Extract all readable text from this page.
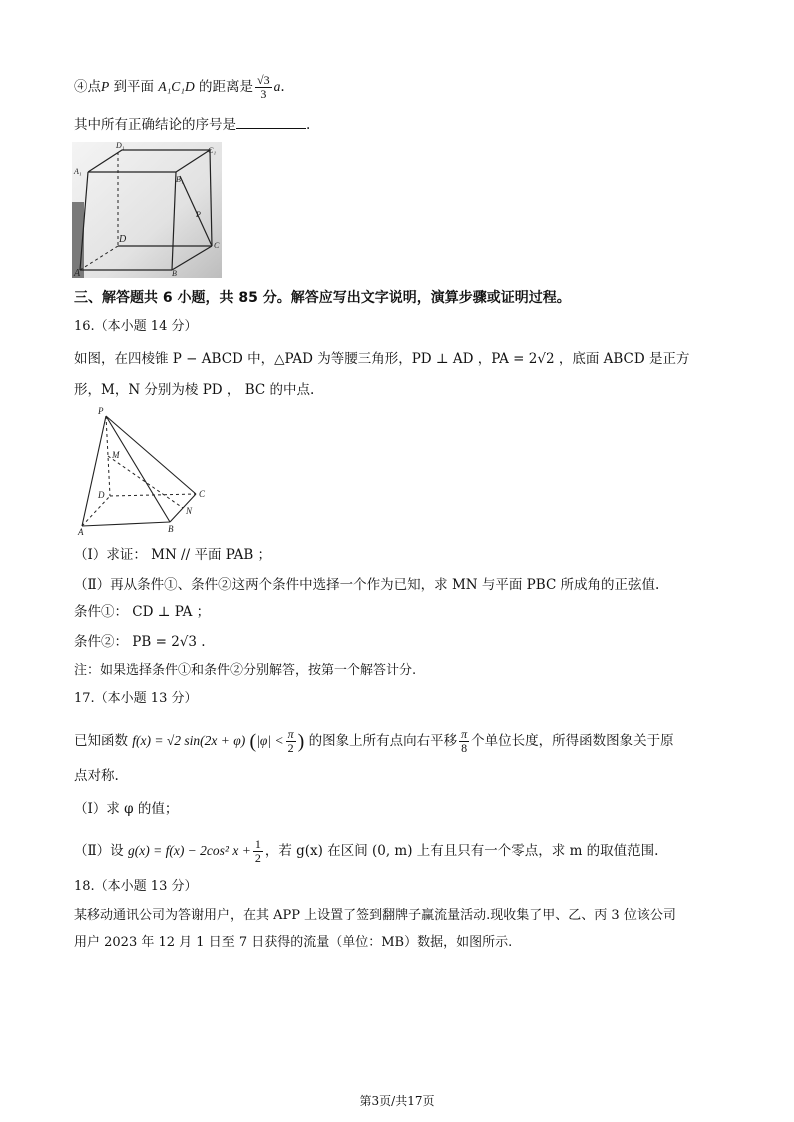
④点P 到平面 A₁C₁D 的距离是 $\frac{√3}{3} a$.
其中所有正确结论的序号是	.
D₁
C₁
A₁
B₁
P
D
C
A	B
三、解答题共 6 小题，共 85 分。解答应写出文字说明，演算步骤或证明过程。
16.（本小题 14 分）
如图，在四棱锥 P − ABCD 中，△PAD 为等腰三角形，PD ⊥ AD ，PA = 2√2 ，底面 ABCD 是正方
形，M，N 分别为棱 PD ， BC 的中点.
P
M
D	C
N
A	B
（Ⅰ）求证： MN // 平面 PAB ；
（Ⅱ）再从条件①、条件②这两个条件中选择一个作为已知，求 MN 与平面 PBC 所成角的正弦值.
条件①： CD ⊥ PA ；
条件②： PB = 2√3 .
注：如果选择条件①和条件②分别解答，按第一个解答计分.
17.（本小题 13 分）
已知函数 f(x) = √2 sin(2x + φ) ($|\varphi| < \frac{\pi}{2}$ ) 的图象上所有点向右平移 $\frac{\pi}{8}$ 个单位长度，所得函数图象关于原
点对称.
（Ⅰ）求 φ 的值；
（Ⅱ）设 g(x) = f(x) − 2cos² $x + \frac{1}{2}$ ，若 g(x) 在区间 (0, m) 上有且只有一个零点，求 m 的取值范围.
18.（本小题 13 分）
某移动通讯公司为答谢用户，在其 APP 上设置了签到翻牌子赢流量活动.现收集了甲、乙、丙 3 位该公司
用户 2023 年 12 月 1 日至 7 日获得的流量（单位：MB）数据，如图所示.
第3页/共17页
